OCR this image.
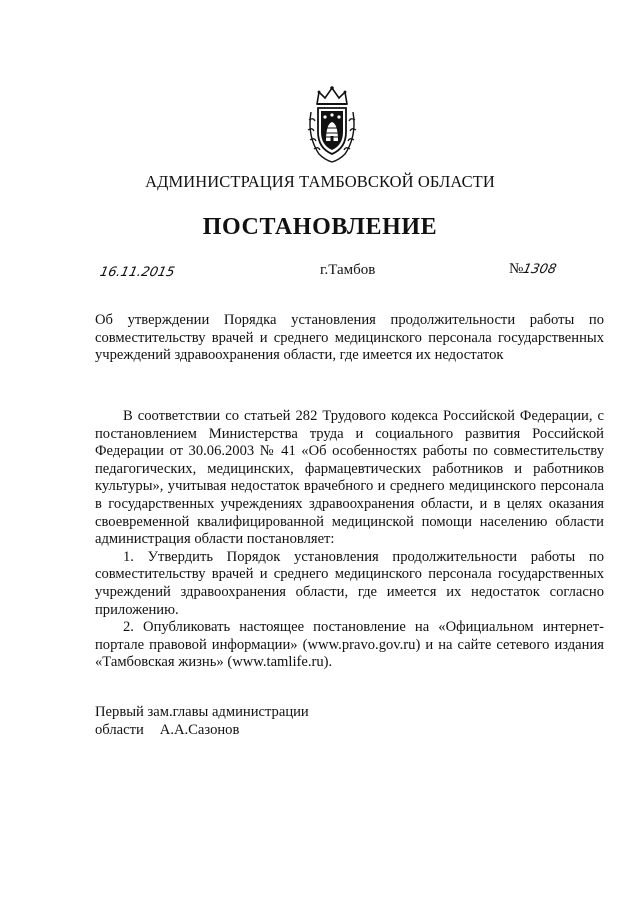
АДМИНИСТРАЦИЯ ТАМБОВСКОЙ ОБЛАСТИ
ПОСТАНОВЛЕНИЕ
16.11.2015	г.Тамбов	№1308
Об утверждении Порядка установления продолжительности работы по совместительству врачей и среднего медицинского персонала государственных учреждений здравоохранения области, где имеется их недостаток

В соответствии со статьей 282 Трудового кодекса Российской Федерации, с постановлением Министерства труда и социального развития Российской Федерации от 30.06.2003 № 41 «Об особенностях работы по совместительству педагогических, медицинских, фармацевтических работников и работников культуры», учитывая недостаток врачебного и среднего медицинского персонала в государственных учреждениях здравоохранения области, и в целях оказания своевременной квалифицированной медицинской помощи населению области администрация области постановляет:

1. Утвердить Порядок установления продолжительности работы по совместительству врачей и среднего медицинского персонала государственных учреждений здравоохранения области, где имеется их недостаток согласно приложению.

2. Опубликовать настоящее постановление на «Официальном интернет-портале правовой информации» (www.pravo.gov.ru) и на сайте сетевого издания «Тамбовская жизнь» (www.tamlife.ru).

Первый зам.главы администрации
области А.А.Сазонов
